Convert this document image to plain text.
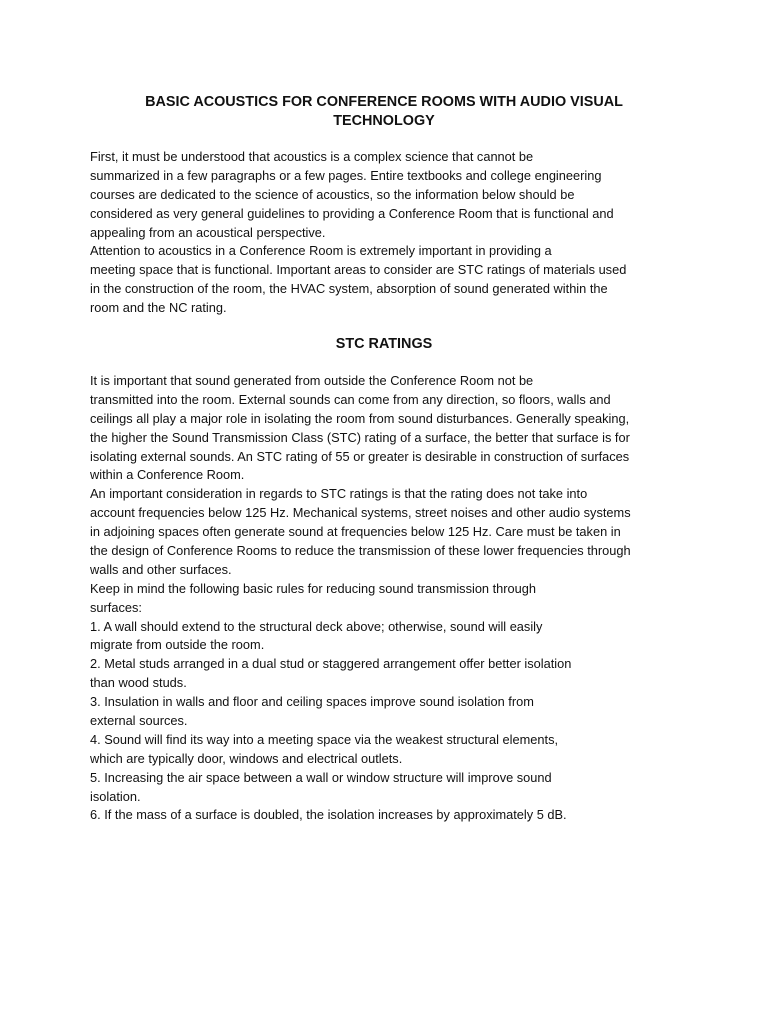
BASIC ACOUSTICS FOR CONFERENCE ROOMS WITH AUDIO VISUAL
TECHNOLOGY
First, it must be understood that acoustics is a complex science that cannot be
summarized in a few paragraphs or a few pages. Entire textbooks and college engineering
courses are dedicated to the science of acoustics, so the information below should be
considered as very general guidelines to providing a Conference Room that is functional and
appealing from an acoustical perspective.
Attention to acoustics in a Conference Room is extremely important in providing a
meeting space that is functional. Important areas to consider are STC ratings of materials used
in the construction of the room, the HVAC system, absorption of sound generated within the
room and the NC rating.
STC RATINGS
It is important that sound generated from outside the Conference Room not be
transmitted into the room. External sounds can come from any direction, so floors, walls and
ceilings all play a major role in isolating the room from sound disturbances. Generally speaking,
the higher the Sound Transmission Class (STC) rating of a surface, the better that surface is for
isolating external sounds. An STC rating of 55 or greater is desirable in construction of surfaces
within a Conference Room.
An important consideration in regards to STC ratings is that the rating does not take into
account frequencies below 125 Hz. Mechanical systems, street noises and other audio systems
in adjoining spaces often generate sound at frequencies below 125 Hz. Care must be taken in
the design of Conference Rooms to reduce the transmission of these lower frequencies through
walls and other surfaces.
Keep in mind the following basic rules for reducing sound transmission through
surfaces:
1. A wall should extend to the structural deck above; otherwise, sound will easily
migrate from outside the room.
2. Metal studs arranged in a dual stud or staggered arrangement offer better isolation
than wood studs.
3. Insulation in walls and floor and ceiling spaces improve sound isolation from
external sources.
4. Sound will find its way into a meeting space via the weakest structural elements,
which are typically door, windows and electrical outlets.
5. Increasing the air space between a wall or window structure will improve sound
isolation.
6. If the mass of a surface is doubled, the isolation increases by approximately 5 dB.
